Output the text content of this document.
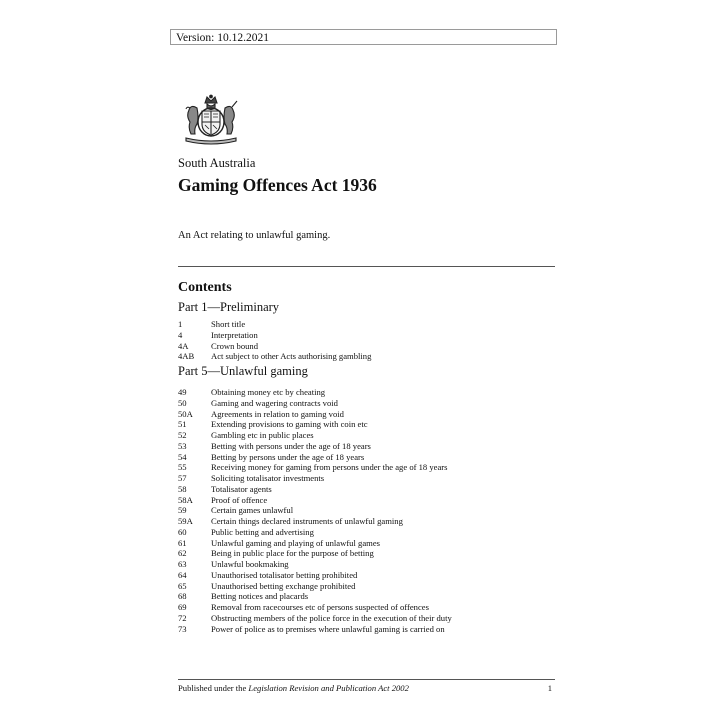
Version: 10.12.2021
South Australia
Gaming Offences Act 1936
An Act relating to unlawful gaming.
Contents
Part 1—Preliminary
1	Short title
4	Interpretation
4A	Crown bound
4AB Act subject to other Acts authorising gambling
Part 5—Unlawful gaming
49	Obtaining money etc by cheating
50	Gaming and wagering contracts void
50A Agreements in relation to gaming void
51	Extending provisions to gaming with coin etc
52	Gambling etc in public places
53	Betting with persons under the age of 18 years
54	Betting by persons under the age of 18 years
55	Receiving money for gaming from persons under the age of 18 years
57	Soliciting totalisator investments
58	Totalisator agents
58A Proof of offence
59	Certain games unlawful
59A Certain things declared instruments of unlawful gaming
60	Public betting and advertising
61	Unlawful gaming and playing of unlawful games
62	Being in public place for the purpose of betting
63	Unlawful bookmaking
64	Unauthorised totalisator betting prohibited
65	Unauthorised betting exchange prohibited
68	Betting notices and placards
69	Removal from racecourses etc of persons suspected of offences
72	Obstructing members of the police force in the execution of their duty
73	Power of police as to premises where unlawful gaming is carried on
Published under the Legislation Revision and Publication Act 2002	1
